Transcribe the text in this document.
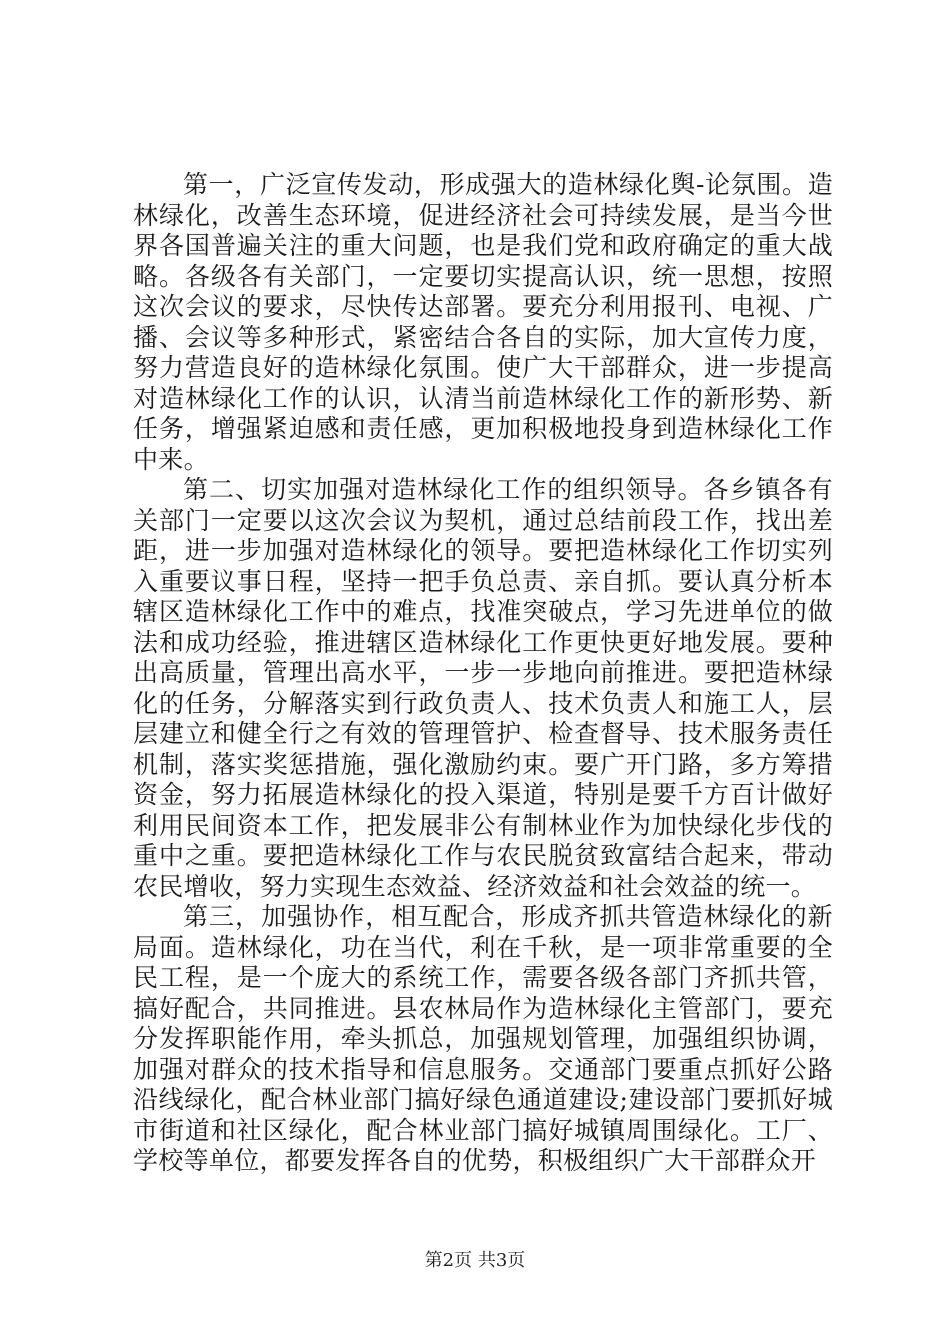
第一，广泛宣传发动，形成强大的造林绿化舆-论氛围。造林绿化，改善生态环境，促进经济社会可持续发展，是当今世界各国普遍关注的重大问题，也是我们党和政府确定的重大战略。各级各有关部门，一定要切实提高认识，统一思想，按照这次会议的要求，尽快传达部署。要充分利用报刊、电视、广播、会议等多种形式，紧密结合各自的实际，加大宣传力度，努力营造良好的造林绿化氛围。使广大干部群众，进一步提高对造林绿化工作的认识，认清当前造林绿化工作的新形势、新任务，增强紧迫感和责任感，更加积极地投身到造林绿化工作中来。

第二、切实加强对造林绿化工作的组织领导。各乡镇各有关部门一定要以这次会议为契机，通过总结前段工作，找出差距，进一步加强对造林绿化的领导。要把造林绿化工作切实列入重要议事日程，坚持一把手负总责、亲自抓。要认真分析本辖区造林绿化工作中的难点，找准突破点，学习先进单位的做法和成功经验，推进辖区造林绿化工作更快更好地发展。要种出高质量，管理出高水平，一步一步地向前推进。要把造林绿化的任务，分解落实到行政负责人、技术负责人和施工人，层层建立和健全行之有效的管理管护、检查督导、技术服务责任机制，落实奖惩措施，强化激励约束。要广开门路，多方筹措资金，努力拓展造林绿化的投入渠道，特别是要千方百计做好利用民间资本工作，把发展非公有制林业作为加快绿化步伐的重中之重。要把造林绿化工作与农民脱贫致富结合起来，带动农民增收，努力实现生态效益、经济效益和社会效益的统一。

第三，加强协作，相互配合，形成齐抓共管造林绿化的新局面。造林绿化，功在当代，利在千秋，是一项非常重要的全民工程，是一个庞大的系统工作，需要各级各部门齐抓共管，搞好配合，共同推进。县农林局作为造林绿化主管部门，要充分发挥职能作用，牵头抓总，加强规划管理，加强组织协调，加强对群众的技术指导和信息服务。交通部门要重点抓好公路沿线绿化，配合林业部门搞好绿色通道建设;建设部门要抓好城市街道和社区绿化，配合林业部门搞好城镇周围绿化。工厂、学校等单位，都要发挥各自的优势，积极组织广大干部群众开

第2页 共3页
